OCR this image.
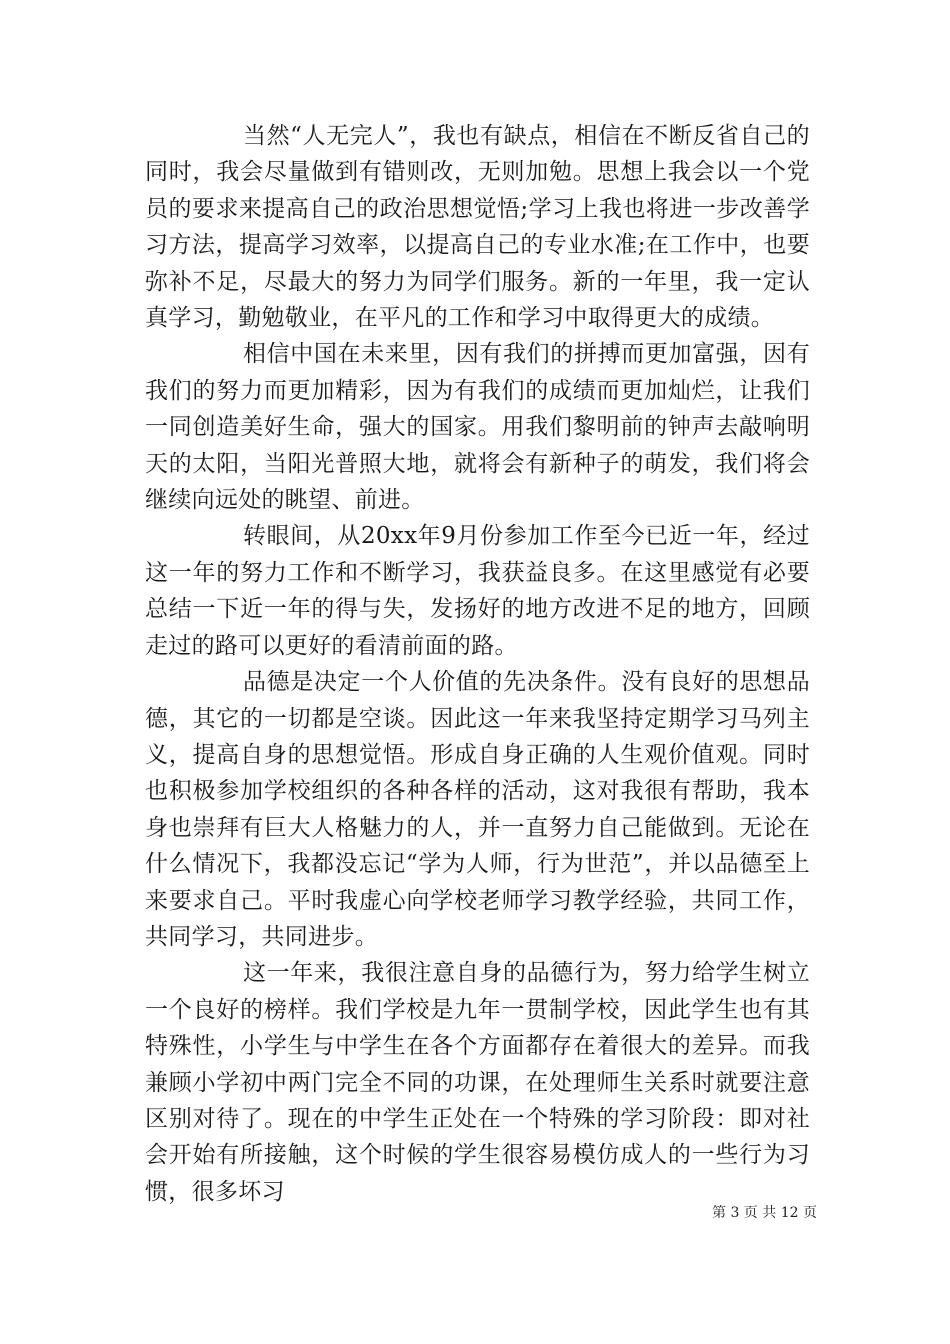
当然“人无完人”，我也有缺点，相信在不断反省自己的同时，我会尽量做到有错则改，无则加勉。思想上我会以一个党员的要求来提高自己的政治思想觉悟;学习上我也将进一步改善学习方法，提高学习效率，以提高自己的专业水准;在工作中，也要弥补不足，尽最大的努力为同学们服务。新的一年里，我一定认真学习，勤勉敬业，在平凡的工作和学习中取得更大的成绩。

相信中国在未来里，因有我们的拼搏而更加富强，因有我们的努力而更加精彩，因为有我们的成绩而更加灿烂，让我们一同创造美好生命，强大的国家。用我们黎明前的钟声去敲响明天的太阳，当阳光普照大地，就将会有新种子的萌发，我们将会继续向远处的眺望、前进。

转眼间，从20xx年9月份参加工作至今已近一年，经过这一年的努力工作和不断学习，我获益良多。在这里感觉有必要总结一下近一年的得与失，发扬好的地方改进不足的地方，回顾走过的路可以更好的看清前面的路。

品德是决定一个人价值的先决条件。没有良好的思想品德，其它的一切都是空谈。因此这一年来我坚持定期学习马列主义，提高自身的思想觉悟。形成自身正确的人生观价值观。同时也积极参加学校组织的各种各样的活动，这对我很有帮助，我本身也崇拜有巨大人格魅力的人，并一直努力自己能做到。无论在什么情况下，我都没忘记“学为人师，行为世范”，并以品德至上来要求自己。平时我虚心向学校老师学习教学经验，共同工作，共同学习，共同进步。

这一年来，我很注意自身的品德行为，努力给学生树立一个良好的榜样。我们学校是九年一贯制学校，因此学生也有其特殊性，小学生与中学生在各个方面都存在着很大的差异。而我兼顾小学初中两门完全不同的功课，在处理师生关系时就要注意区别对待了。现在的中学生正处在一个特殊的学习阶段：即对社会开始有所接触，这个时候的学生很容易模仿成人的一些行为习惯，很多坏习

第 3 页 共 12 页
